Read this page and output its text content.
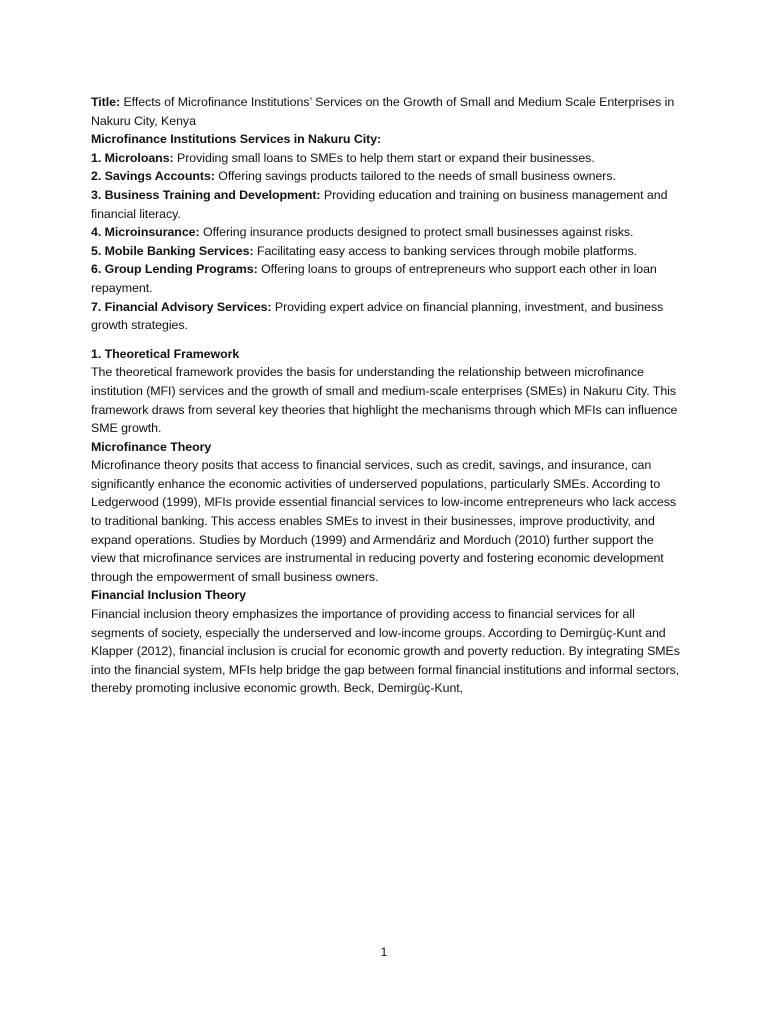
Title: Effects of Microfinance Institutions’ Services on the Growth of Small and Medium Scale Enterprises in Nakuru City, Kenya

Microfinance Institutions Services in Nakuru City:

1. Microloans: Providing small loans to SMEs to help them start or expand their businesses.

2. Savings Accounts: Offering savings products tailored to the needs of small business owners.

3. Business Training and Development: Providing education and training on business management and financial literacy.

4. Microinsurance: Offering insurance products designed to protect small businesses against risks.

5. Mobile Banking Services: Facilitating easy access to banking services through mobile platforms.

6. Group Lending Programs: Offering loans to groups of entrepreneurs who support each other in loan repayment.

7. Financial Advisory Services: Providing expert advice on financial planning, investment, and business growth strategies.

1. Theoretical Framework

The theoretical framework provides the basis for understanding the relationship between microfinance institution (MFI) services and the growth of small and medium-scale enterprises (SMEs) in Nakuru City. This framework draws from several key theories that highlight the mechanisms through which MFIs can influence SME growth.

Microfinance Theory

Microfinance theory posits that access to financial services, such as credit, savings, and insurance, can significantly enhance the economic activities of underserved populations, particularly SMEs. According to Ledgerwood (1999), MFIs provide essential financial services to low-income entrepreneurs who lack access to traditional banking. This access enables SMEs to invest in their businesses, improve productivity, and expand operations. Studies by Morduch (1999) and Armendáriz and Morduch (2010) further support the view that microfinance services are instrumental in reducing poverty and fostering economic development through the empowerment of small business owners.

Financial Inclusion Theory

Financial inclusion theory emphasizes the importance of providing access to financial services for all segments of society, especially the underserved and low-income groups. According to Demirgüç-Kunt and Klapper (2012), financial inclusion is crucial for economic growth and poverty reduction. By integrating SMEs into the financial system, MFIs help bridge the gap between formal financial institutions and informal sectors, thereby promoting inclusive economic growth. Beck, Demirgüç-Kunt,

1
